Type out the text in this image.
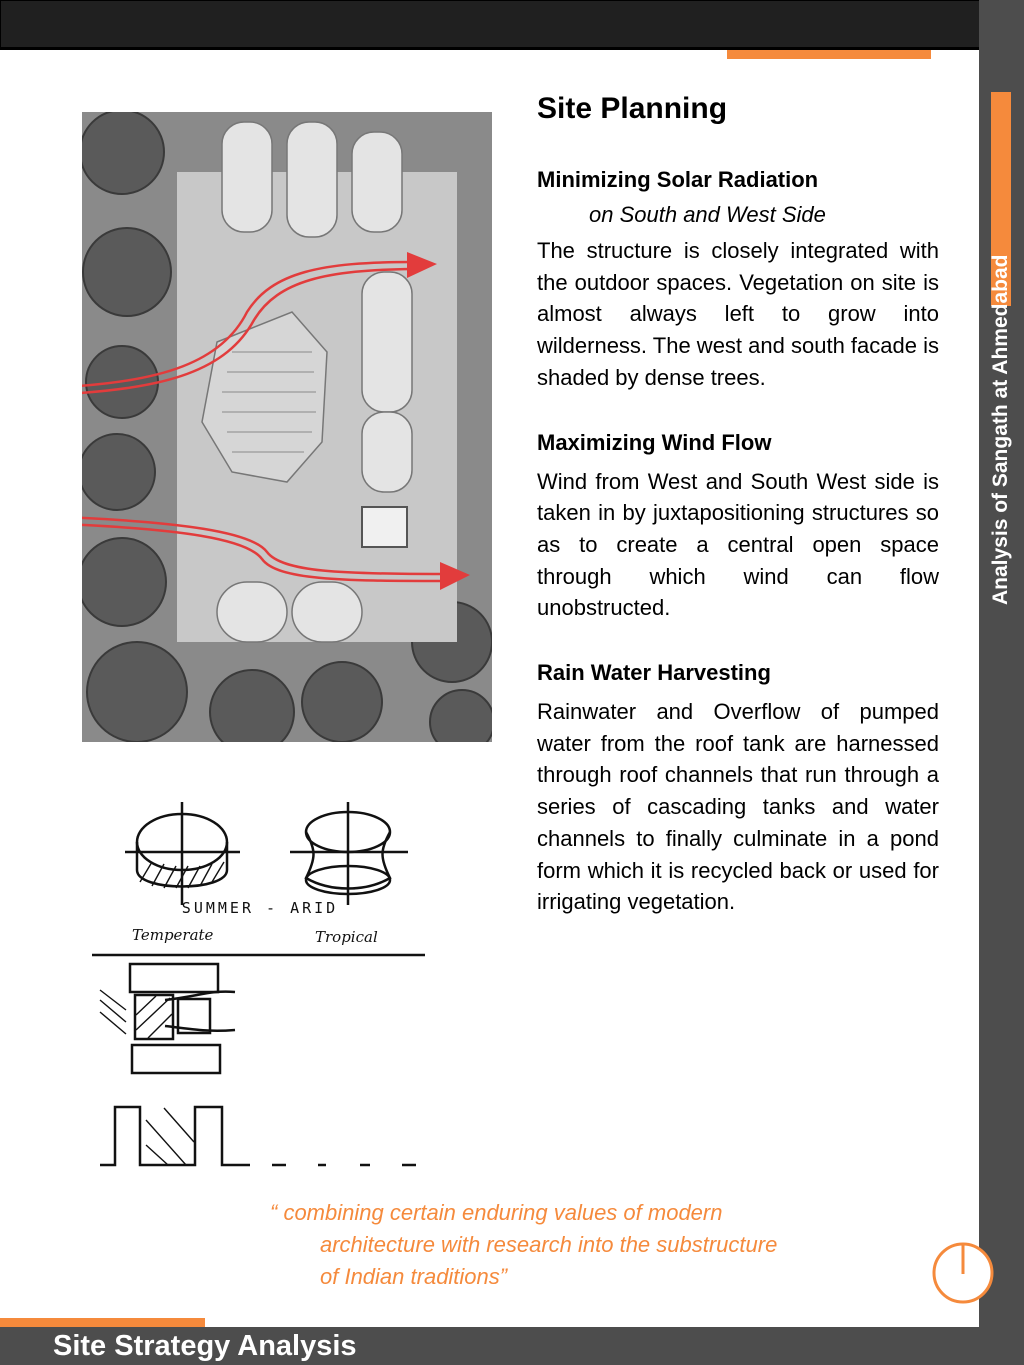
Analysis of Sangath at Ahmedabad
SUMMER - ARID
Temperate	Tropical
Site Planning
Minimizing Solar Radiation
on South and West Side

The structure is closely integrated with the outdoor spaces. Vegetation on site is almost always left to grow into wilderness. The west and south facade is shaded by dense trees.

Maximizing Wind Flow

Wind from West and South West side is taken in by juxtapositioning structures so as to create a central open space through which wind can flow unobstructed.

Rain Water Harvesting

Rainwater and Overflow of pumped water from the roof tank are harnessed through roof channels that run through a series of cascading tanks and water channels to finally culminate in a pond form which it is recycled back or used for irrigating vegetation.

“ combining certain enduring values of modern
architecture with research into the substructure
of Indian traditions”
Site Strategy Analysis
